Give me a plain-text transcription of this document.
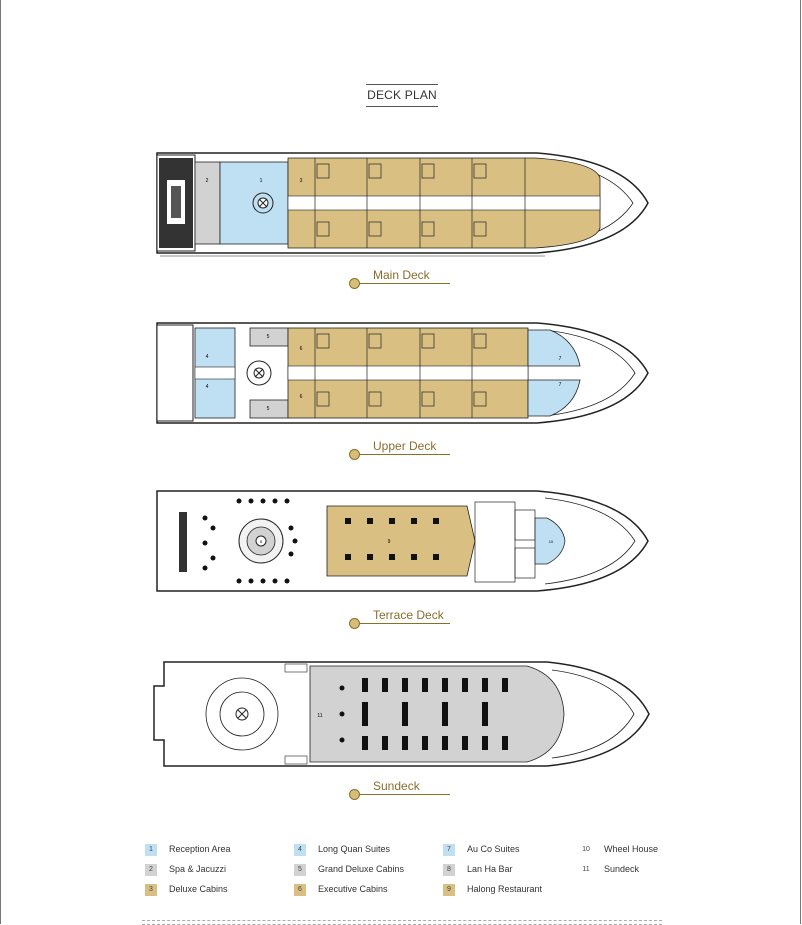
DECK PLAN
2	1	3
Main Deck
4
4
5
5
6
6
7
7
Upper Deck
8	9	10
Terrace Deck
11
Sundeck
1	Reception Area
2	Spa & Jacuzzi
3	Deluxe Cabins
4	Long Quan Suites
5	Grand Deluxe Cabins
6	Executive Cabins
7	Au Co Suites
8	Lan Ha Bar
9	Halong Restaurant
10 Wheel House
11 Sundeck
